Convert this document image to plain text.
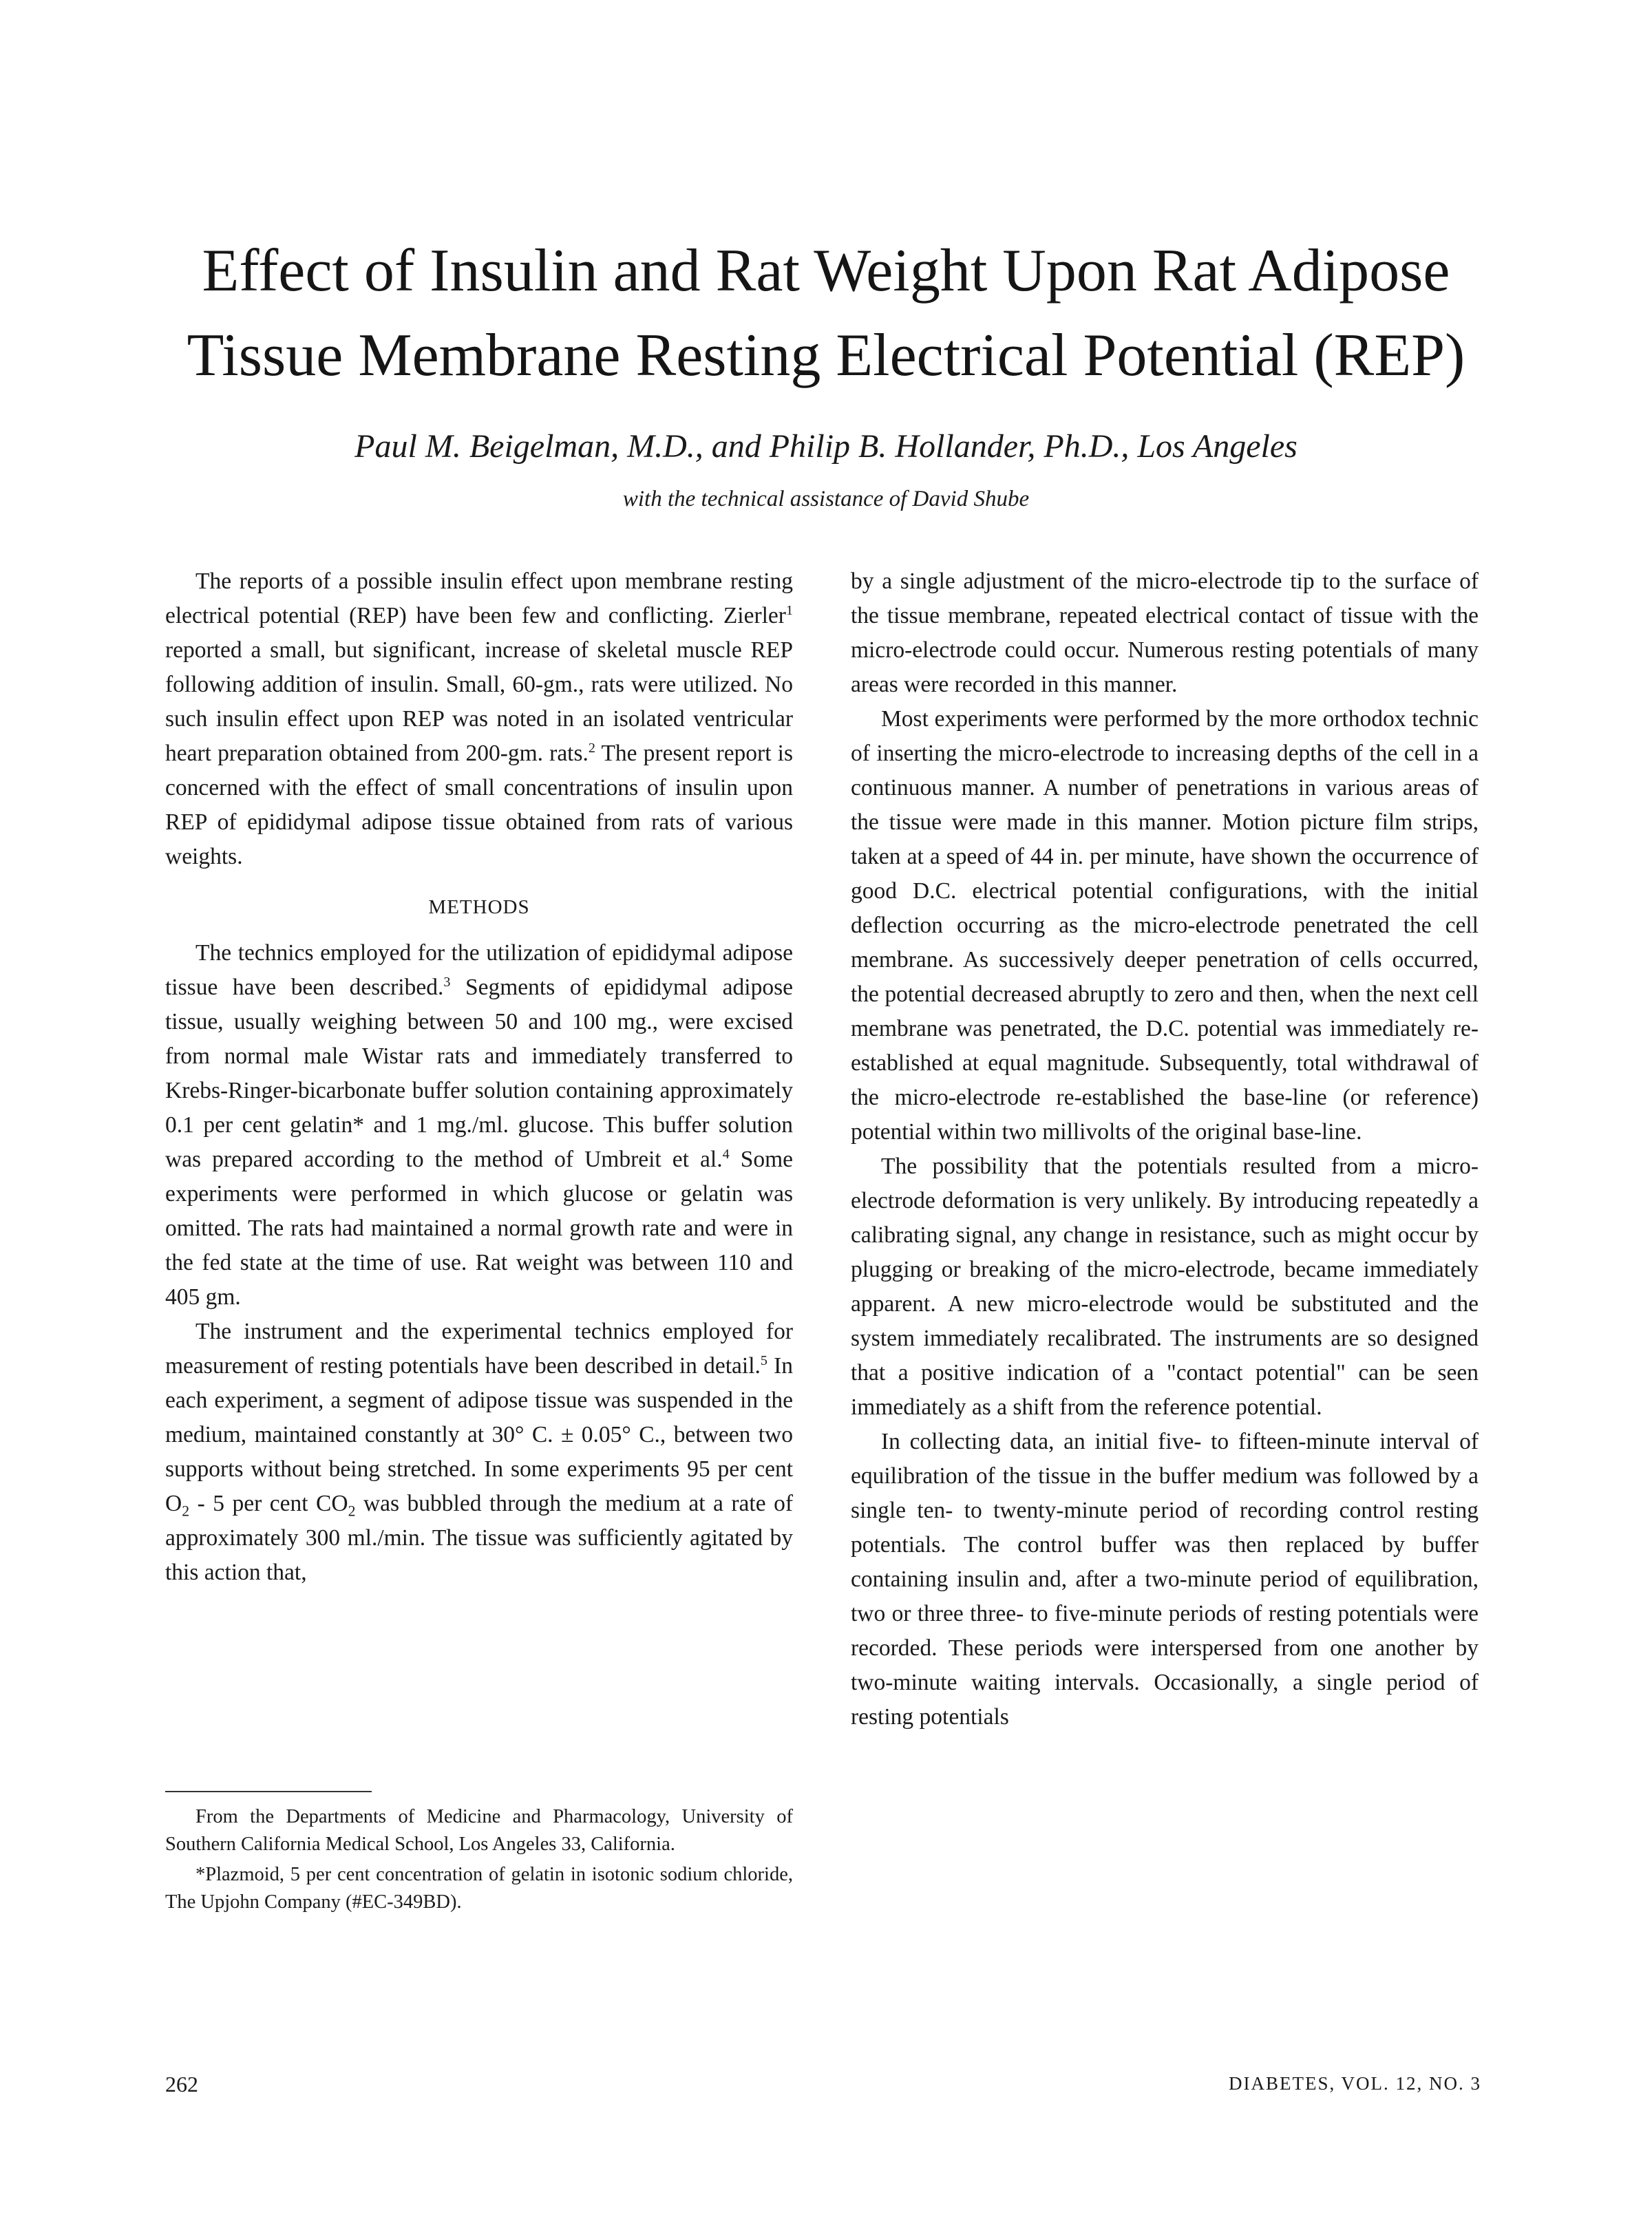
Effect of Insulin and Rat Weight Upon Rat Adipose
Tissue Membrane Resting Electrical Potential (REP)

Paul M. Beigelman, M.D., and Philip B. Hollander, Ph.D., Los Angeles

with the technical assistance of David Shube

The reports of a possible insulin effect upon membrane resting electrical potential (REP) have been few and conflicting. Zierler$^1$ reported a small, but significant, increase of skeletal muscle REP following addition of insulin. Small, 60-gm., rats were utilized. No such insulin effect upon REP was noted in an isolated ventricular heart preparation obtained from 200-gm. rats.$^2$ The present report is concerned with the effect of small concentrations of insulin upon REP of epididymal adipose tissue obtained from rats of various weights.

METHODS

The technics employed for the utilization of epididymal adipose tissue have been described.$^3$ Segments of epididymal adipose tissue, usually weighing between 50 and 100 mg., were excised from normal male Wistar rats and immediately transferred to Krebs-Ringer-bicarbonate buffer solution containing approximately 0.1 per cent gelatin* and 1 mg./ml. glucose. This buffer solution was prepared according to the method of Umbreit et al.$^4$ Some experiments were performed in which glucose or gelatin was omitted. The rats had maintained a normal growth rate and were in the fed state at the time of use. Rat weight was between 110 and 405 gm.

The instrument and the experimental technics employed for measurement of resting potentials have been described in detail.$^5$ In each experiment, a segment of adipose tissue was suspended in the medium, maintained constantly at 30° C. ± 0.05° C., between two supports without being stretched. In some experiments 95 per cent $O_2 - 5$ per cent $CO_2$ was bubbled through the medium at a rate of approximately 300 ml./min. The tissue was sufficiently agitated by this action that,

by a single adjustment of the micro-electrode tip to the surface of the tissue membrane, repeated electrical contact of tissue with the micro-electrode could occur. Numerous resting potentials of many areas were recorded in this manner.

Most experiments were performed by the more orthodox technic of inserting the micro-electrode to increasing depths of the cell in a continuous manner. A number of penetrations in various areas of the tissue were made in this manner. Motion picture film strips, taken at a speed of 44 in. per minute, have shown the occurrence of good D.C. electrical potential configurations, with the initial deflection occurring as the micro-electrode penetrated the cell membrane. As successively deeper penetration of cells occurred, the potential decreased abruptly to zero and then, when the next cell membrane was penetrated, the D.C. potential was immediately re-established at equal magnitude. Subsequently, total withdrawal of the micro-electrode re-established the base-line (or reference) potential within two millivolts of the original base-line.

The possibility that the potentials resulted from a micro-electrode deformation is very unlikely. By introducing repeatedly a calibrating signal, any change in resistance, such as might occur by plugging or breaking of the micro-electrode, became immediately apparent. A new micro-electrode would be substituted and the system immediately recalibrated. The instruments are so designed that a positive indication of a "contact potential" can be seen immediately as a shift from the reference potential.

In collecting data, an initial five- to fifteen-minute interval of equilibration of the tissue in the buffer medium was followed by a single ten- to twenty-minute period of recording control resting potentials. The control buffer was then replaced by buffer containing insulin and, after a two-minute period of equilibration, two or three three- to five-minute periods of resting potentials were recorded. These periods were interspersed from one another by two-minute waiting intervals. Occasionally, a single period of resting potentials

From the Departments of Medicine and Pharmacology, University of Southern California Medical School, Los Angeles 33, California.

*Plazmoid, 5 per cent concentration of gelatin in isotonic sodium chloride, The Upjohn Company (#EC-349BD).

262	DIABETES, VOL. 12, NO. 3
